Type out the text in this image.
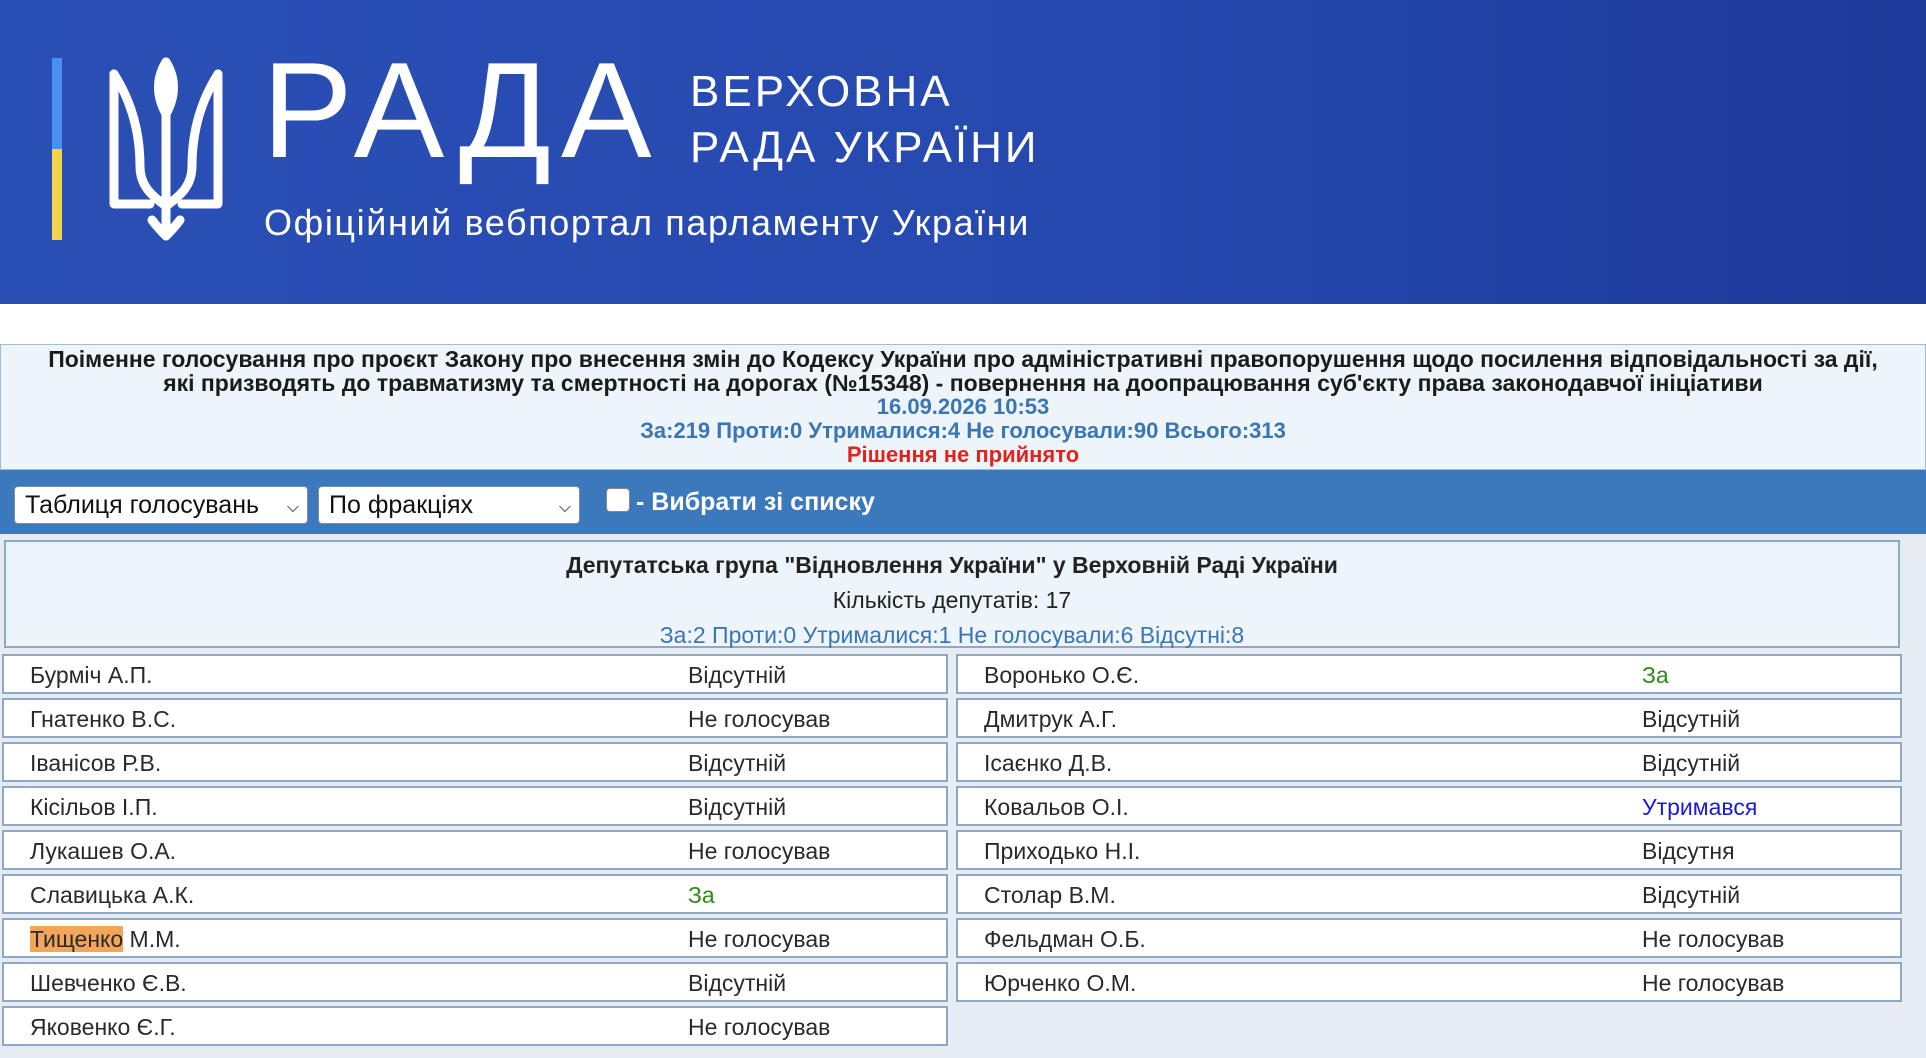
РАДА ВЕРХОВНА
РАДА УКРАЇНИ
Офіційний вебпортал парламенту України
Поіменне голосування про проєкт Закону про внесення змін до Кодексу України про адміністративні правопорушення щодо посилення відповідальності за дії,
які призводять до травматизму та смертності на дорогах (№15348) - повернення на доопрацювання суб'єкту права законодавчої ініціативи
16.09.2026 10:53
За:219 Проти:0 Утрималися:4 Не голосували:90 Всього:313
Рішення не прийнято
Таблиця голосувань ⌵	По фракціях	⌵	- Вибрати зі списку
Депутатська група "Відновлення України" у Верховній Раді України
Кількість депутатів: 17
За:2 Проти:0 Утрималися:1 Не голосували:6 Відсутні:8
Бурміч А.П.	Відсутній
Гнатенко В.С.	Не голосував
Іванісов Р.В.	Відсутній
Кісільов І.П.	Відсутній
Лукашев О.А.	Не голосував
Славицька А.К.	За
Тищенко М.М.	Не голосував
Шевченко Є.В.	Відсутній
Яковенко Є.Г.	Не голосував
Воронько О.Є.	За
Дмитрук А.Г.	Відсутній
Ісаєнко Д.В.	Відсутній
Ковальов О.І.	Утримався
Приходько Н.І.	Відсутня
Столар В.М.	Відсутній
Фельдман О.Б.	Не голосував
Юрченко О.М.	Не голосував
